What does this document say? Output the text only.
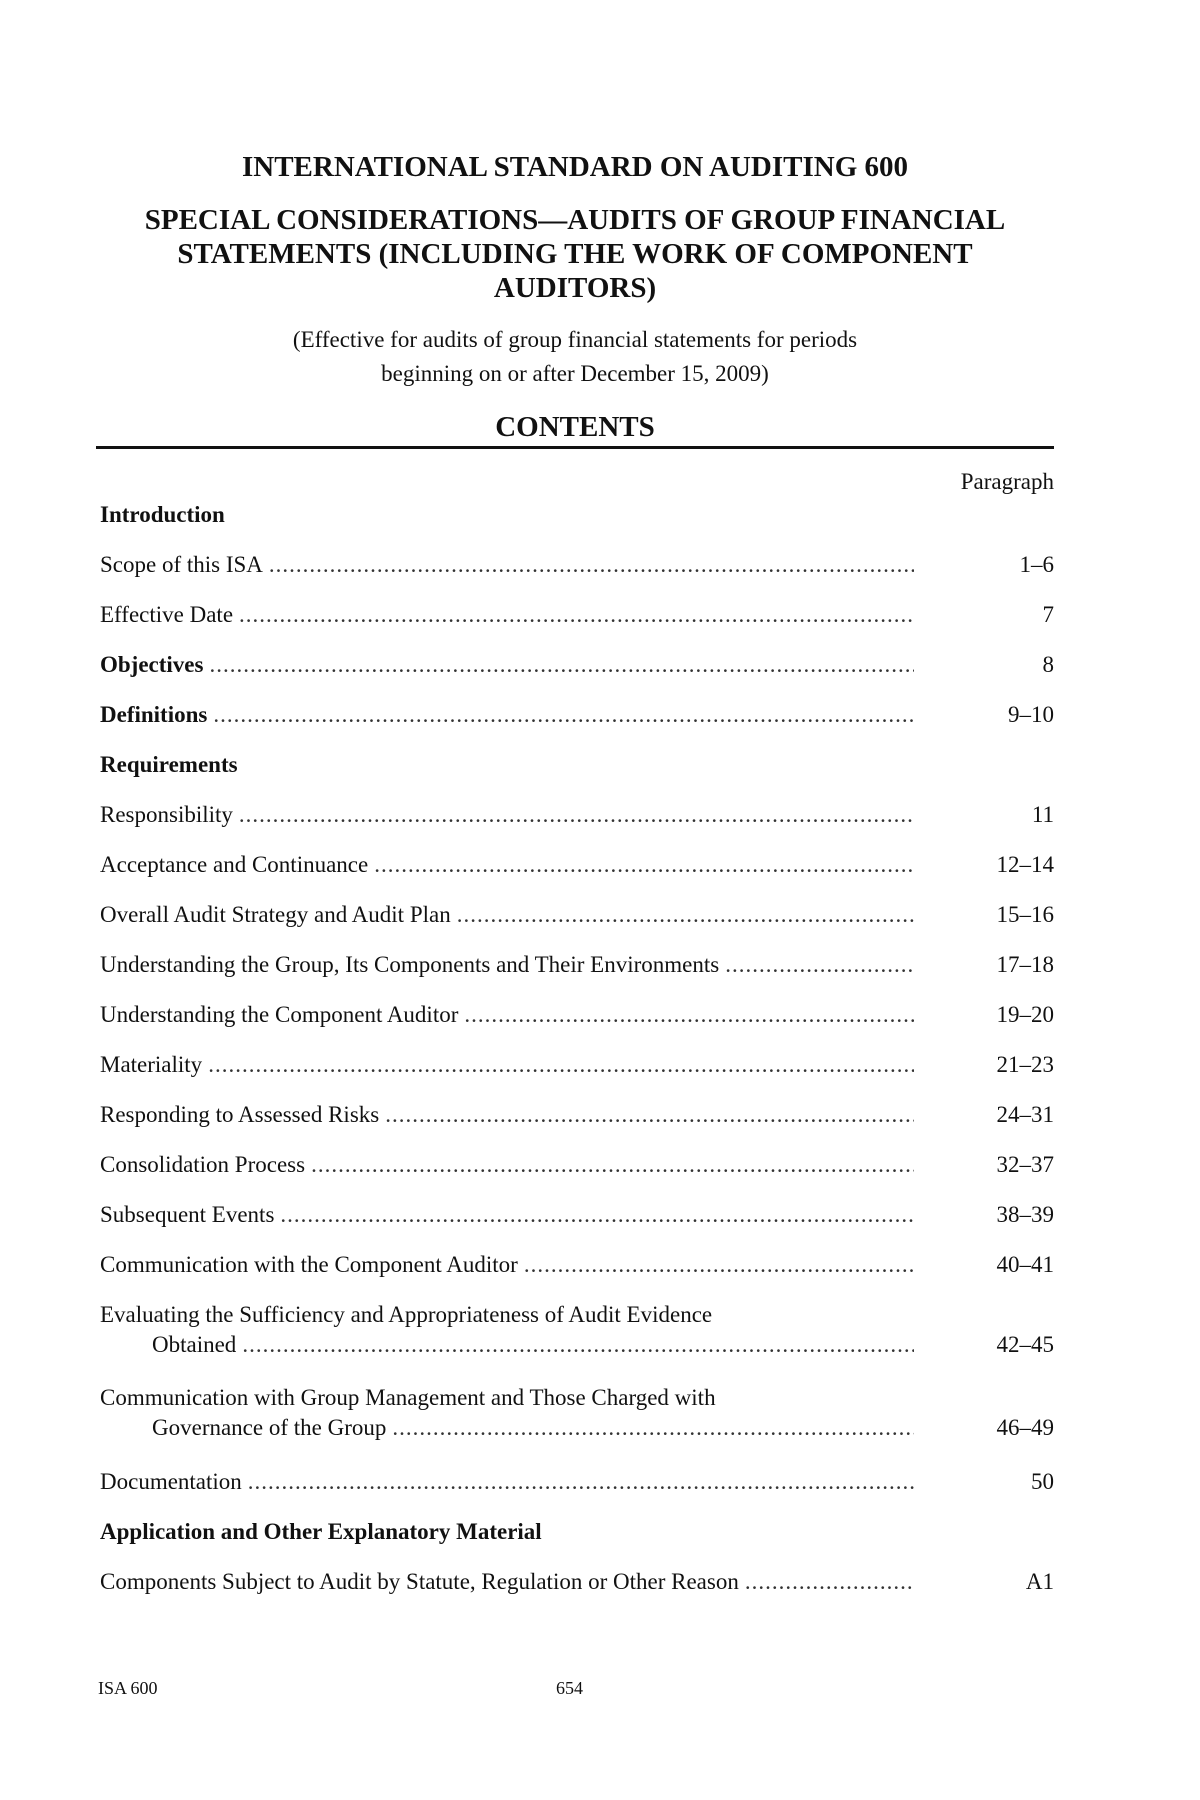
INTERNATIONAL STANDARD ON AUDITING 600
SPECIAL CONSIDERATIONS—AUDITS OF GROUP FINANCIAL STATEMENTS (INCLUDING THE WORK OF COMPONENT AUDITORS)
(Effective for audits of group financial statements for periods
beginning on or after December 15, 2009)
CONTENTS
Paragraph
Introduction
Scope of this ISA .....	1–6
Effective Date .....	7
Objectives .....	8
Definitions .....	9–10
Requirements
Responsibility .....	11
Acceptance and Continuance .....	12–14
Overall Audit Strategy and Audit Plan .....	15–16
Understanding the Group, Its Components and Their Environments .....	17–18
Understanding the Component Auditor .....	19–20
Materiality .....	21–23
Responding to Assessed Risks .....	24–31
Consolidation Process .....	32–37
Subsequent Events .....	38–39
Communication with the Component Auditor .....	40–41
Evaluating the Sufficiency and Appropriateness of Audit Evidence
Obtained .....	42–45
Communication with Group Management and Those Charged with
Governance of the Group .....	46–49
Documentation .....	50
Application and Other Explanatory Material
Components Subject to Audit by Statute, Regulation or Other Reason .....	A1
ISA 600	654
